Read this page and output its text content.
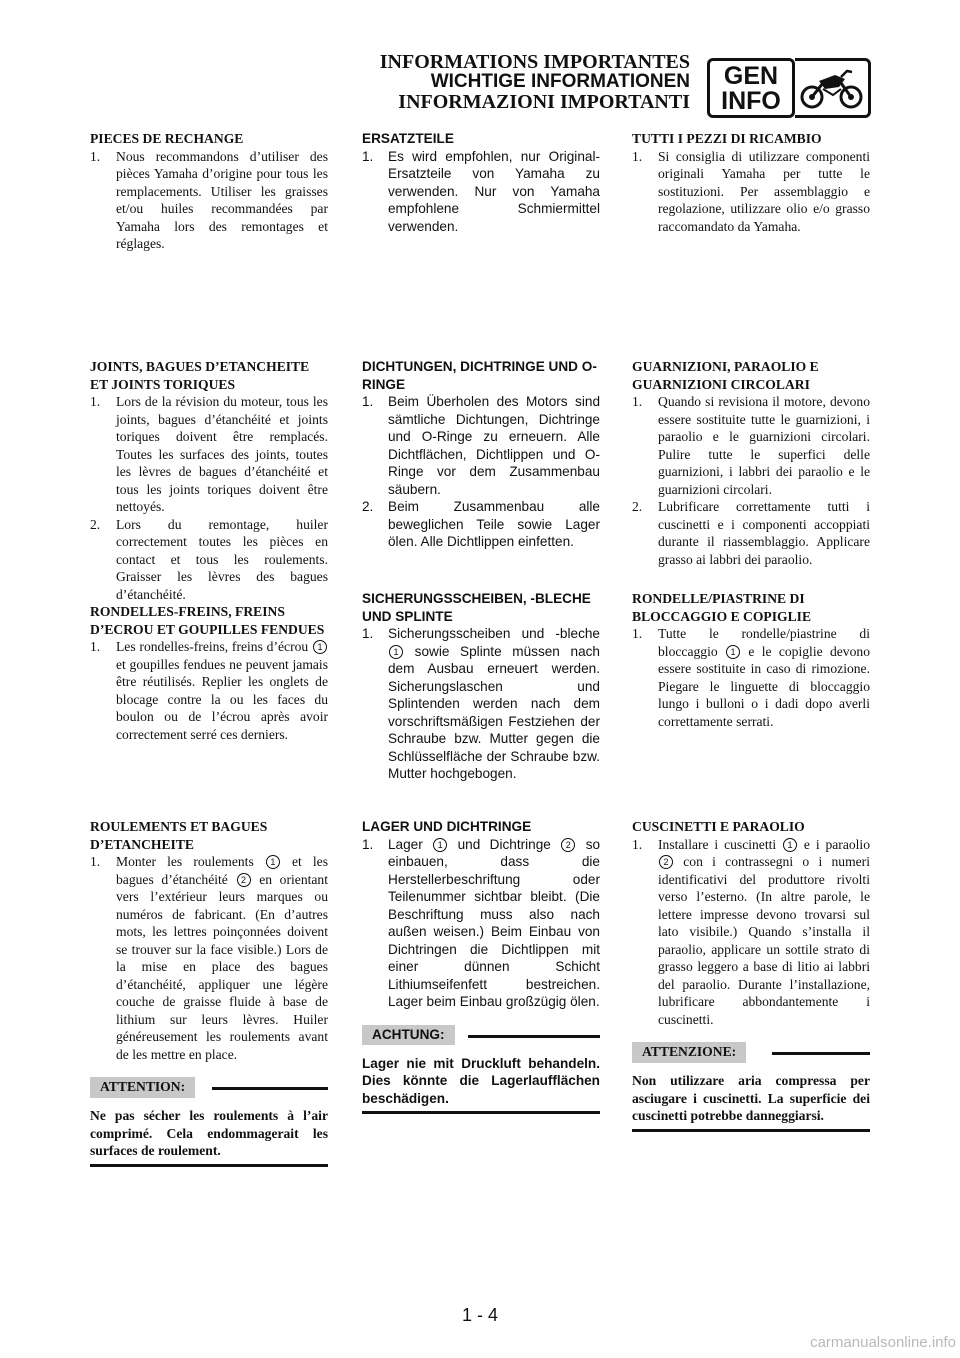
INFORMATIONS IMPORTANTES
WICHTIGE INFORMATIONEN
INFORMAZIONI IMPORTANTI
GEN
INFO
PIECES DE RECHANGE
1.	Nous recommandons d’utiliser des pièces Yamaha d’origine pour tous les remplacements. Utiliser les graisses et/ou huiles recommandées par Yamaha lors des remontages et réglages.
JOINTS, BAGUES D’ETANCHEITE ET JOINTS TORIQUES
1.	Lors de la révision du moteur, tous les joints, bagues d’étanchéité et joints toriques doivent être remplacés. Toutes les surfaces des joints, toutes les lèvres de bagues d’étanchéité et tous les joints toriques doivent être nettoyés.
2.	Lors du remontage, huiler correctement toutes les pièces en contact et tous les roulements. Graisser les lèvres des bagues d’étanchéité.
RONDELLES-FREINS, FREINS D’ECROU ET GOUPILLES FENDUES
1.	Les rondelles-freins, freins d’écrou 1 et goupilles fendues ne peuvent jamais être réutilisés. Replier les onglets de blocage contre la ou les faces du boulon ou de l’écrou après avoir correctement serré ces derniers.
ROULEMENTS ET BAGUES D’ETANCHEITE
1.	Monter les roulements 1 et les bagues d’étanchéité 2 en orientant vers l’extérieur leurs marques ou numéros de fabricant. (En d’autres mots, les lettres poinçonnées doivent se trouver sur la face visible.) Lors de la mise en place des bagues d’étanchéité, appliquer une légère couche de graisse fluide à base de lithium sur leurs lèvres. Huiler généreusement les roulements avant de les mettre en place.
ATTENTION:
Ne pas sécher les roulements à l’air comprimé. Cela endommagerait les surfaces de roulement.
ERSATZTEILE
1.	Es wird empfohlen, nur Original-Ersatzteile von Yamaha zu verwenden. Nur von Yamaha empfohlene Schmiermittel verwenden.
DICHTUNGEN, DICHTRINGE UND O-RINGE
1.	Beim Überholen des Motors sind sämtliche Dichtungen, Dichtringe und O-Ringe zu erneuern. Alle Dichtflächen, Dichtlippen und O-Ringe vor dem Zusammenbau säubern.
2.	Beim Zusammenbau alle beweglichen Teile sowie Lager ölen. Alle Dichtlippen einfetten.
SICHERUNGSSCHEIBEN, -BLECHE UND SPLINTE
1.	Sicherungsscheiben und -bleche 1 sowie Splinte müssen nach dem Ausbau erneuert werden. Sicherungslaschen und Splintenden werden nach dem vorschriftsmäßigen Festziehen der Schraube bzw. Mutter gegen die Schlüsselfläche der Schraube bzw. Mutter hochgebogen.
LAGER UND DICHTRINGE
1.	Lager 1 und Dichtringe 2 so einbauen, dass die Herstellerbeschriftung oder Teilenummer sichtbar bleibt. (Die Beschriftung muss also nach außen weisen.) Beim Einbau von Dichtringen die Dichtlippen mit einer dünnen Schicht Lithiumseifenfett bestreichen. Lager beim Einbau großzügig ölen.
ACHTUNG:
Lager nie mit Druckluft behandeln. Dies könnte die Lagerlaufflächen beschädigen.
TUTTI I PEZZI DI RICAMBIO
1.	Si consiglia di utilizzare componenti originali Yamaha per tutte le sostituzioni. Per assemblaggio e regolazione, utilizzare olio e/o grasso raccomandato da Yamaha.
GUARNIZIONI, PARAOLIO E GUARNIZIONI CIRCOLARI
1.	Quando si revisiona il motore, devono essere sostituite tutte le guarnizioni, i paraolio e le guarnizioni circolari. Pulire tutte le superfici delle guarnizioni, i labbri dei paraolio e le guarnizioni circolari.
2.	Lubrificare correttamente tutti i cuscinetti e i componenti accoppiati durante il riassemblaggio. Applicare grasso ai labbri dei paraolio.
RONDELLE/PIASTRINE DI BLOCCAGGIO E COPIGLIE
1.	Tutte le rondelle/piastrine di bloccaggio 1 e le copiglie devono essere sostituite in caso di rimozione. Piegare le linguette di bloccaggio lungo i bulloni o i dadi dopo averli correttamente serrati.
CUSCINETTI E PARAOLIO
1.	Installare i cuscinetti 1 e i paraolio 2 con i contrassegni o i numeri identificativi del produttore rivolti verso l’esterno. (In altre parole, le lettere impresse devono trovarsi sul lato visibile.) Quando s’installa il paraolio, applicare un sottile strato di grasso leggero a base di litio ai labbri del paraolio. Durante l’installazione, lubrificare abbondantemente i cuscinetti.
ATTENZIONE:
Non utilizzare aria compressa per asciugare i cuscinetti. La superficie dei cuscinetti potrebbe danneggiarsi.
1 - 4
carmanualsonline.info
